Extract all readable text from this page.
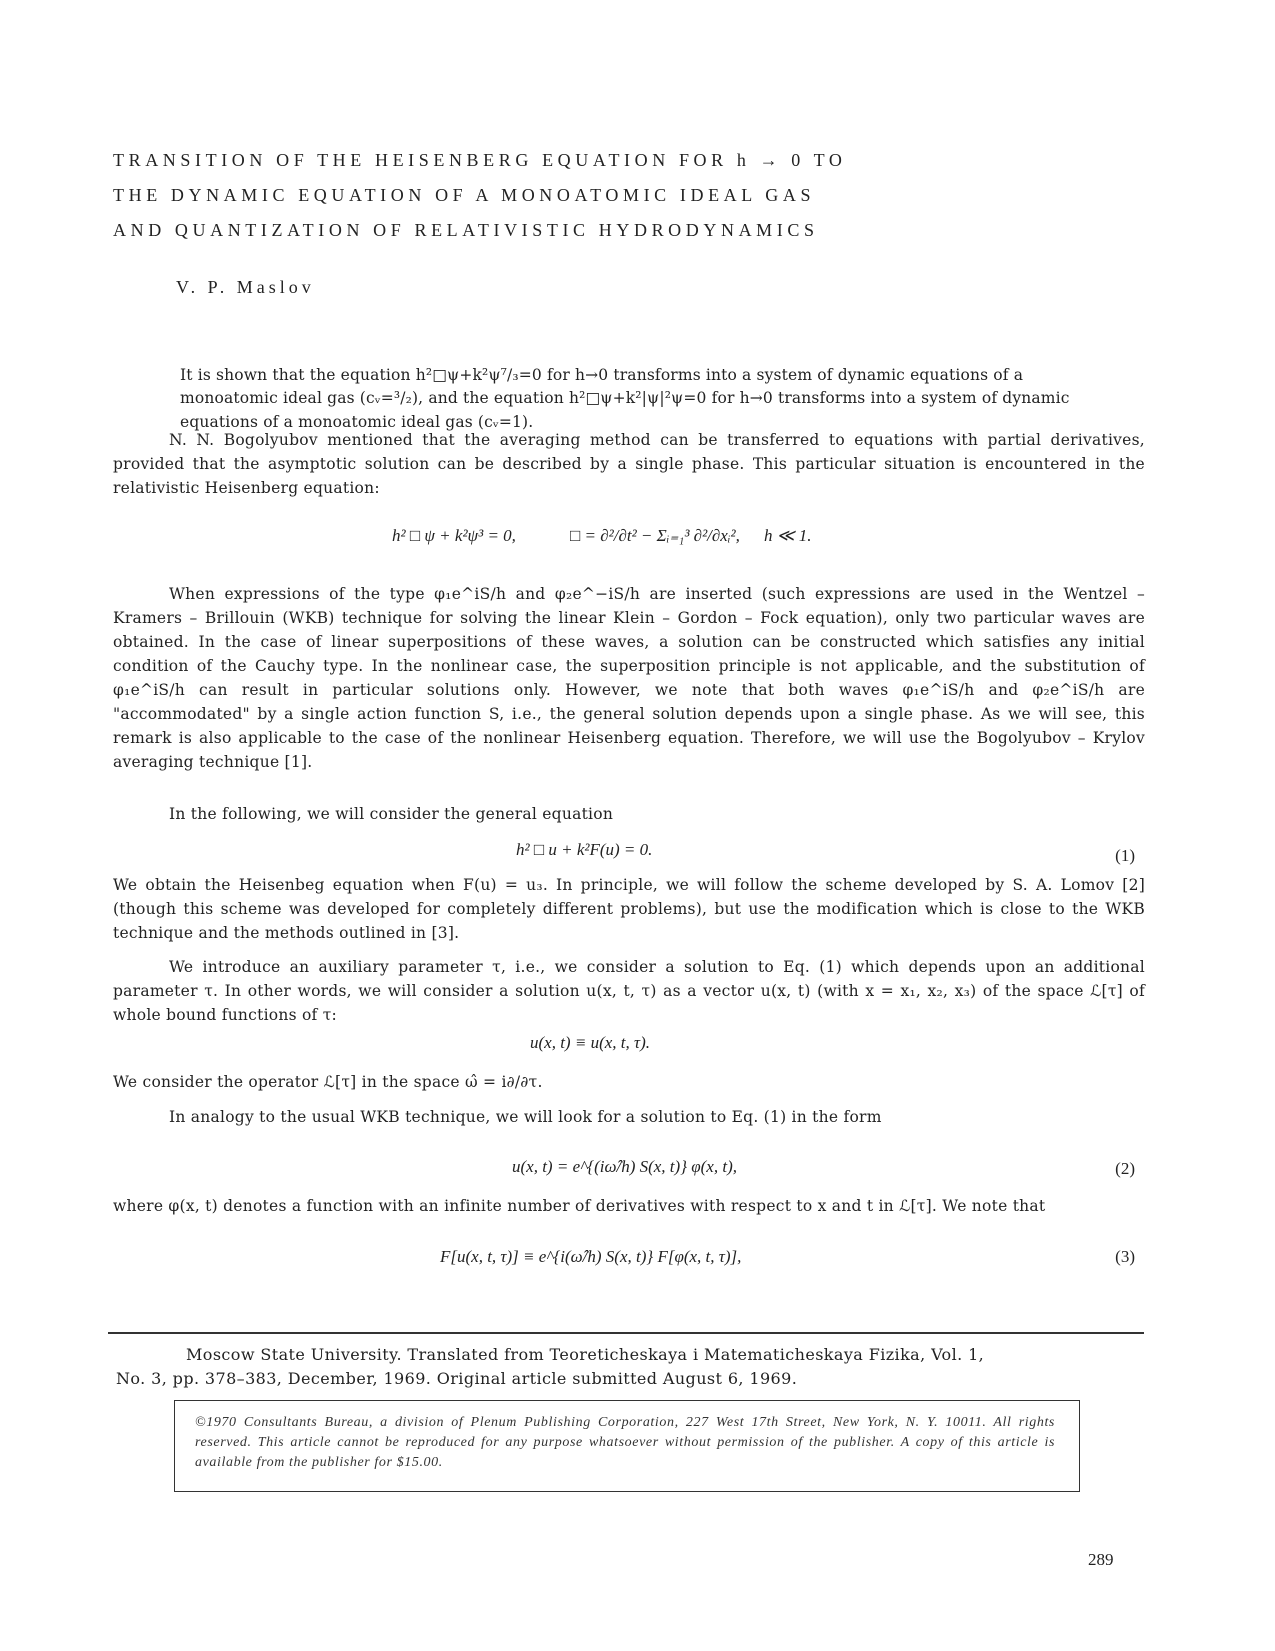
TRANSITION OF THE HEISENBERG EQUATION FOR h → 0 TO
THE DYNAMIC EQUATION OF A MONOATOMIC IDEAL GAS
AND QUANTIZATION OF RELATIVISTIC HYDRODYNAMICS
V. P. Maslov

It is shown that the equation h²□ψ+k²ψ⁷/₃=0 for h→0 transforms into a system of dynamic equations of a monoatomic ideal gas (cᵥ=³/₂), and the equation h²□ψ+k²|ψ|²ψ=0 for h→0 transforms into a system of dynamic equations of a monoatomic ideal gas (cᵥ=1).

N. N. Bogolyubov mentioned that the averaging method can be transferred to equations with partial derivatives, provided that the asymptotic solution can be described by a single phase. This particular situation is encountered in the relativistic Heisenberg equation:

h² □ ψ + k²ψ³ = 0,	□ = ∂²/∂t² − Σᵢ₌₁³ ∂²/∂xᵢ², h ≪ 1.

When expressions of the type φ₁e^iS/h and φ₂e^−iS/h are inserted (such expressions are used in the Wentzel – Kramers – Brillouin (WKB) technique for solving the linear Klein – Gordon – Fock equation), only two particular waves are obtained. In the case of linear superpositions of these waves, a solution can be constructed which satisfies any initial condition of the Cauchy type. In the nonlinear case, the superposition principle is not applicable, and the substitution of φ₁e^iS/h can result in particular solutions only. However, we note that both waves φ₁e^iS/h and φ₂e^iS/h are "accommodated" by a single action function S, i.e., the general solution depends upon a single phase. As we will see, this remark is also applicable to the case of the nonlinear Heisenberg equation. Therefore, we will use the Bogolyubov – Krylov averaging technique [1].

In the following, we will consider the general equation

h² □ u + k²F(u) = 0.	(1)

We obtain the Heisenbeg equation when F(u) = u₃. In principle, we will follow the scheme developed by S. A. Lomov [2] (though this scheme was developed for completely different problems), but use the modification which is close to the WKB technique and the methods outlined in [3].

We introduce an auxiliary parameter τ, i.e., we consider a solution to Eq. (1) which depends upon an additional parameter τ. In other words, we will consider a solution u(x, t, τ) as a vector u(x, t) (with x = x₁, x₂, x₃) of the space ℒ[τ] of whole bound functions of τ:

u(x, t) ≡ u(x, t, τ).

We consider the operator ℒ[τ] in the space ω̂ = i∂/∂τ.

In analogy to the usual WKB technique, we will look for a solution to Eq. (1) in the form

u(x, t) = e^{(iω̂/h) S(x, t)} φ(x, t),	(2)

where φ(x, t) denotes a function with an infinite number of derivatives with respect to x and t in ℒ[τ]. We note that

F[u(x, t, τ)] ≡ e^{i(ω̂/h) S(x, t)} F[φ(x, t, τ)],	(3)
Moscow State University. Translated from Teoreticheskaya i Matematicheskaya Fizika, Vol. 1,
No. 3, pp. 378–383, December, 1969. Original article submitted August 6, 1969.
©1970 Consultants Bureau, a division of Plenum Publishing Corporation, 227 West 17th Street, New York, N. Y. 10011. All rights reserved. This article cannot be reproduced for any purpose whatsoever without permission of the publisher. A copy of this article is available from the publisher for $15.00.
289
